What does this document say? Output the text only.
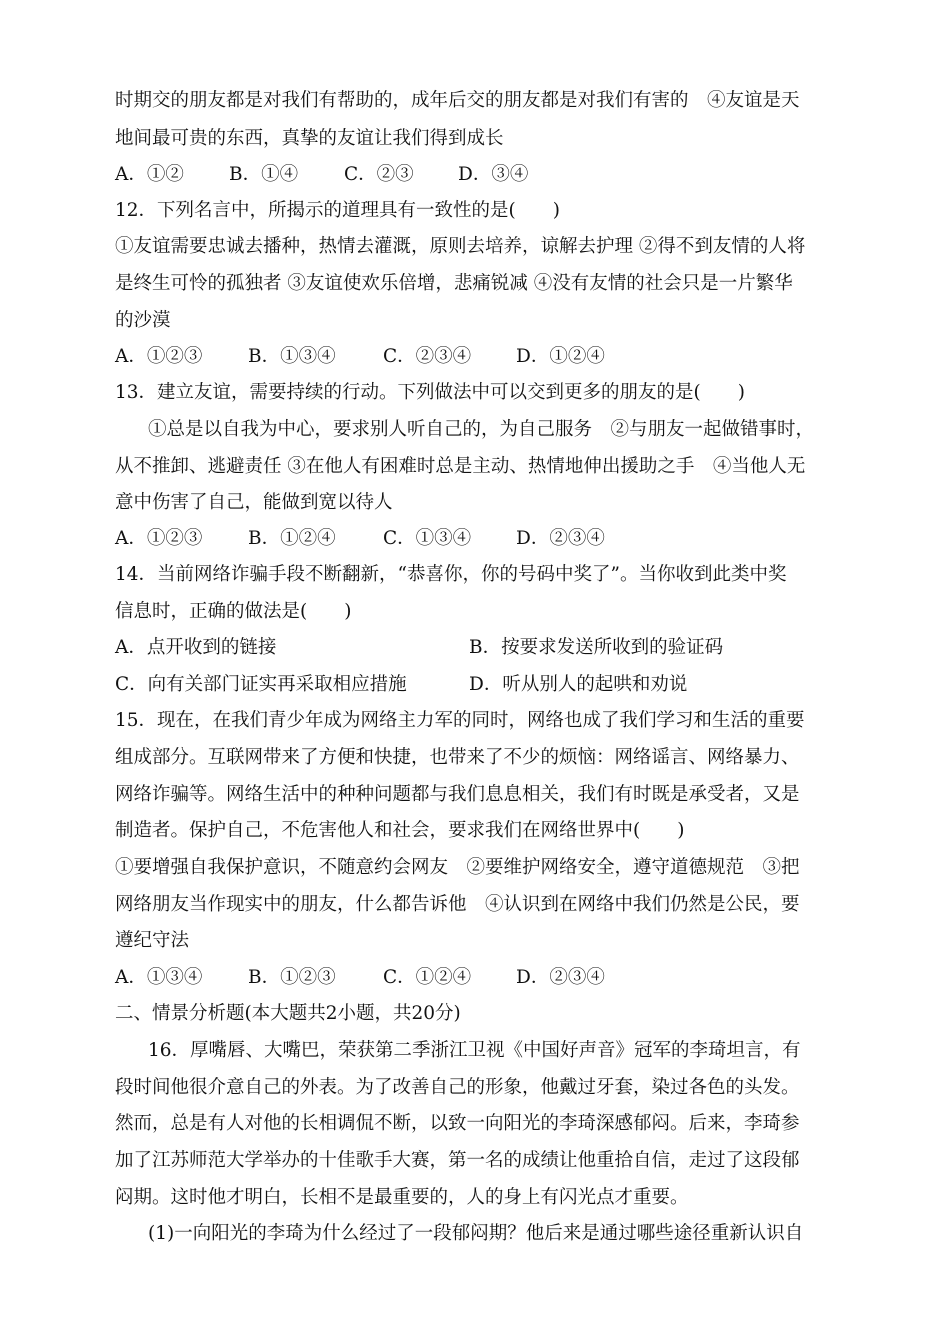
时期交的朋友都是对我们有帮助的，成年后交的朋友都是对我们有害的　④友谊是天
地间最可贵的东西，真挚的友谊让我们得到成长
A．①② B．①④ C．②③ D．③④
12．下列名言中，所揭示的道理具有一致性的是(　　)
①友谊需要忠诚去播种，热情去灌溉，原则去培养，谅解去护理 ②得不到友情的人将
是终生可怜的孤独者 ③友谊使欢乐倍增，悲痛锐减 ④没有友情的社会只是一片繁华
的沙漠
A．①②③ B．①③④	C．②③④ D．①②④
13．建立友谊，需要持续的行动。下列做法中可以交到更多的朋友的是(　　)
①总是以自我为中心，要求别人听自己的，为自己服务　②与朋友一起做错事时，
从不推卸、逃避责任 ③在他人有困难时总是主动、热情地伸出援助之手　④当他人无
意中伤害了自己，能做到宽以待人
A．①②③ B．①②④	C．①③④ D．②③④
14．当前网络诈骗手段不断翻新，“恭喜你，你的号码中奖了”。当你收到此类中奖
信息时，正确的做法是(　　)
A．点开收到的链接	B．按要求发送所收到的验证码
C．向有关部门证实再采取相应措施	D．听从别人的起哄和劝说
15．现在，在我们青少年成为网络主力军的同时，网络也成了我们学习和生活的重要
组成部分。互联网带来了方便和快捷，也带来了不少的烦恼：网络谣言、网络暴力、
网络诈骗等。网络生活中的种种问题都与我们息息相关，我们有时既是承受者，又是
制造者。保护自己，不危害他人和社会，要求我们在网络世界中(　　)
①要增强自我保护意识，不随意约会网友　②要维护网络安全，遵守道德规范　③把
网络朋友当作现实中的朋友，什么都告诉他　④认识到在网络中我们仍然是公民，要
遵纪守法
A．①③④ B．①②③	C．①②④ D．②③④
二、情景分析题(本大题共2小题，共20分)
16．厚嘴唇、大嘴巴，荣获第二季浙江卫视《中国好声音》冠军的李琦坦言，有
段时间他很介意自己的外表。为了改善自己的形象，他戴过牙套，染过各色的头发。
然而，总是有人对他的长相调侃不断，以致一向阳光的李琦深感郁闷。后来，李琦参
加了江苏师范大学举办的十佳歌手大赛，第一名的成绩让他重拾自信，走过了这段郁
闷期。这时他才明白，长相不是最重要的，人的身上有闪光点才重要。
(1)一向阳光的李琦为什么经过了一段郁闷期？他后来是通过哪些途径重新认识自
